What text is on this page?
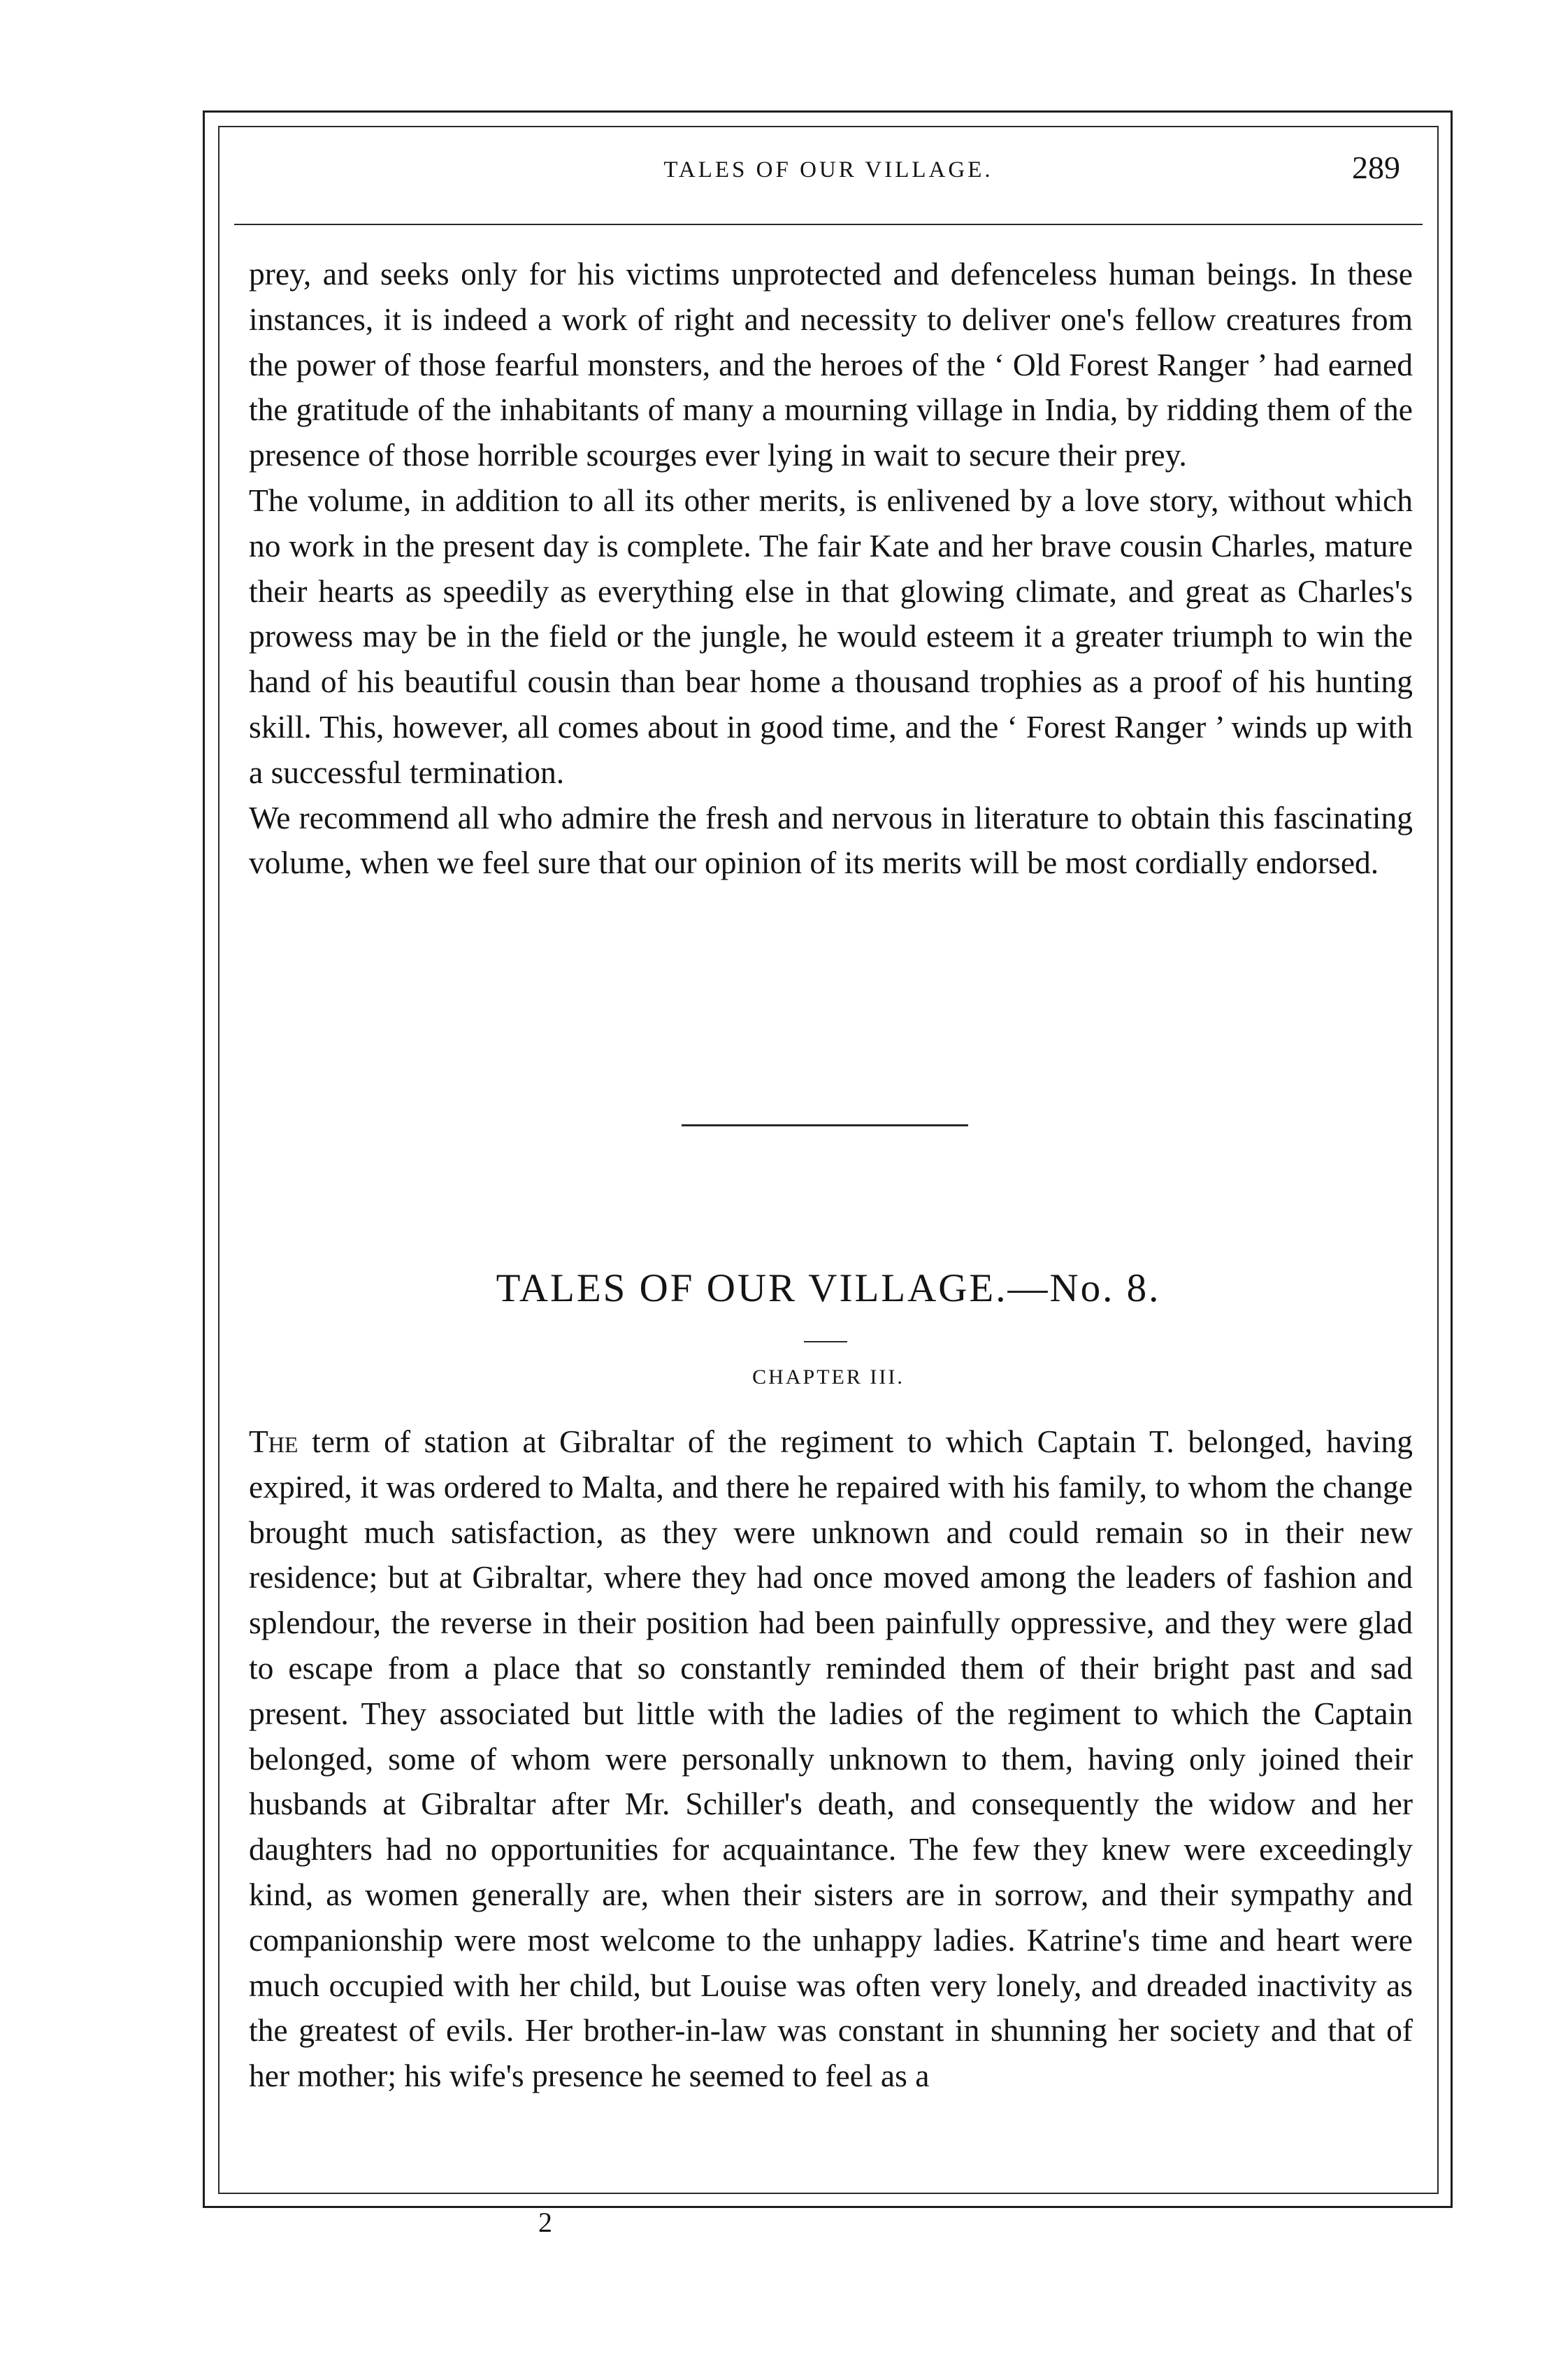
TALES OF OUR VILLAGE.	289

prey, and seeks only for his victims unprotected and defenceless human beings. In these instances, it is indeed a work of right and necessity to deliver one's fellow creatures from the power of those fearful monsters, and the heroes of the ‘ Old Forest Ranger ’ had earned the gratitude of the inhabitants of many a mourning village in India, by ridding them of the presence of those horrible scourges ever lying in wait to secure their prey.

The volume, in addition to all its other merits, is enlivened by a love story, without which no work in the present day is complete. The fair Kate and her brave cousin Charles, mature their hearts as speedily as everything else in that glowing climate, and great as Charles's prowess may be in the field or the jungle, he would esteem it a greater triumph to win the hand of his beautiful cousin than bear home a thousand trophies as a proof of his hunting skill. This, however, all comes about in good time, and the ‘ Forest Ranger ’ winds up with a successful termination.

We recommend all who admire the fresh and nervous in literature to obtain this fascinating volume, when we feel sure that our opinion of its merits will be most cordially endorsed.

TALES OF OUR VILLAGE.—No. 8.
CHAPTER III.

The term of station at Gibraltar of the regiment to which Captain T. belonged, having expired, it was ordered to Malta, and there he repaired with his family, to whom the change brought much satisfaction, as they were unknown and could remain so in their new residence; but at Gibraltar, where they had once moved among the leaders of fashion and splendour, the reverse in their position had been painfully oppressive, and they were glad to escape from a place that so constantly reminded them of their bright past and sad present. They associated but little with the ladies of the regiment to which the Captain belonged, some of whom were personally unknown to them, having only joined their husbands at Gibraltar after Mr. Schiller's death, and consequently the widow and her daughters had no opportunities for acquaintance. The few they knew were exceedingly kind, as women generally are, when their sisters are in sorrow, and their sympathy and companionship were most welcome to the unhappy ladies. Katrine's time and heart were much occupied with her child, but Louise was often very lonely, and dreaded inactivity as the greatest of evils. Her brother-in-law was constant in shunning her society and that of her mother; his wife's presence he seemed to feel as a

2
